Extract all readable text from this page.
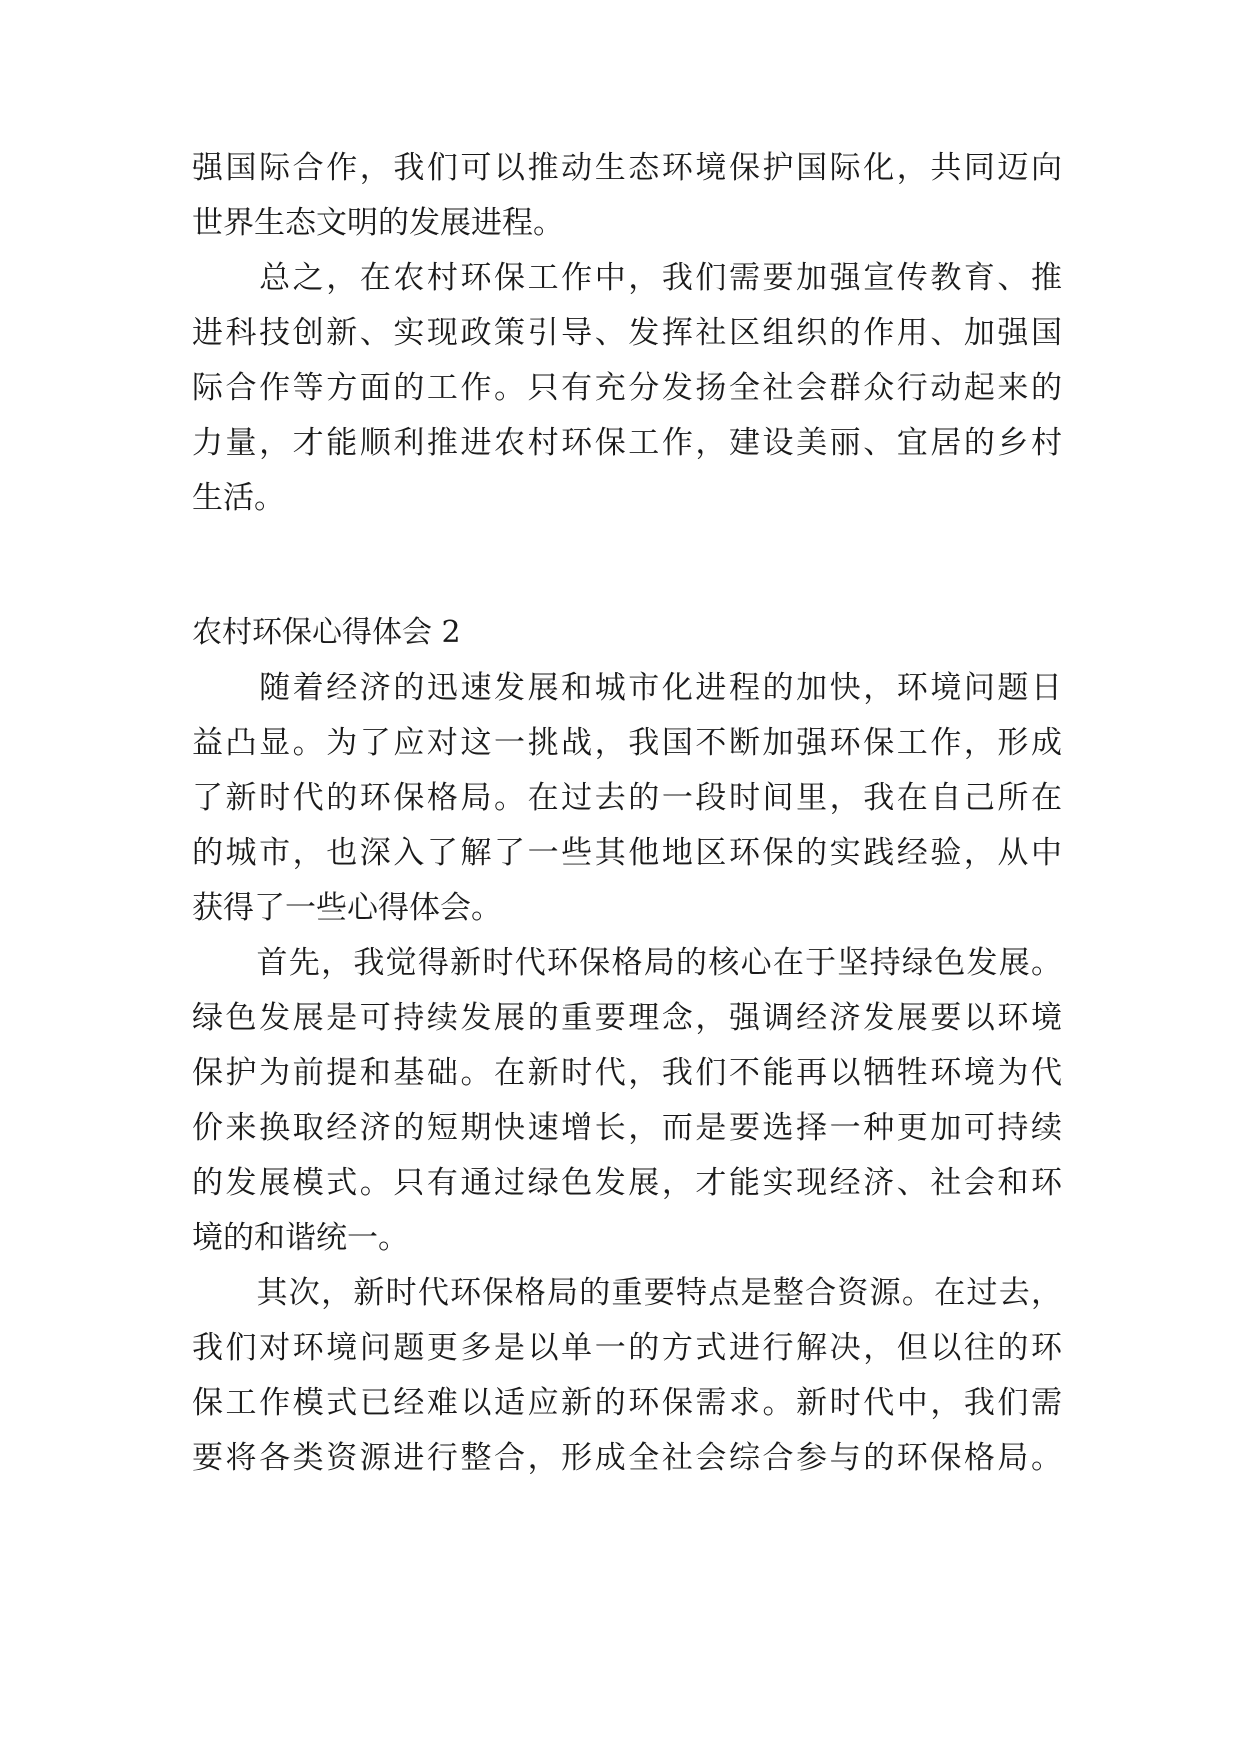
强国际合作，我们可以推动生态环境保护国际化，共同迈向
世界生态文明的发展进程。
　　总之，在农村环保工作中，我们需要加强宣传教育、推
进科技创新、实现政策引导、发挥社区组织的作用、加强国
际合作等方面的工作。只有充分发扬全社会群众行动起来的
力量，才能顺利推进农村环保工作，建设美丽、宜居的乡村
生活。
农村环保心得体会 2
　　随着经济的迅速发展和城市化进程的加快，环境问题日
益凸显。为了应对这一挑战，我国不断加强环保工作，形成
了新时代的环保格局。在过去的一段时间里，我在自己所在
的城市，也深入了解了一些其他地区环保的实践经验，从中
获得了一些心得体会。
　　首先，我觉得新时代环保格局的核心在于坚持绿色发展。
绿色发展是可持续发展的重要理念，强调经济发展要以环境
保护为前提和基础。在新时代，我们不能再以牺牲环境为代
价来换取经济的短期快速增长，而是要选择一种更加可持续
的发展模式。只有通过绿色发展，才能实现经济、社会和环
境的和谐统一。
　　其次，新时代环保格局的重要特点是整合资源。在过去，
我们对环境问题更多是以单一的方式进行解决，但以往的环
保工作模式已经难以适应新的环保需求。新时代中，我们需
要将各类资源进行整合，形成全社会综合参与的环保格局。
